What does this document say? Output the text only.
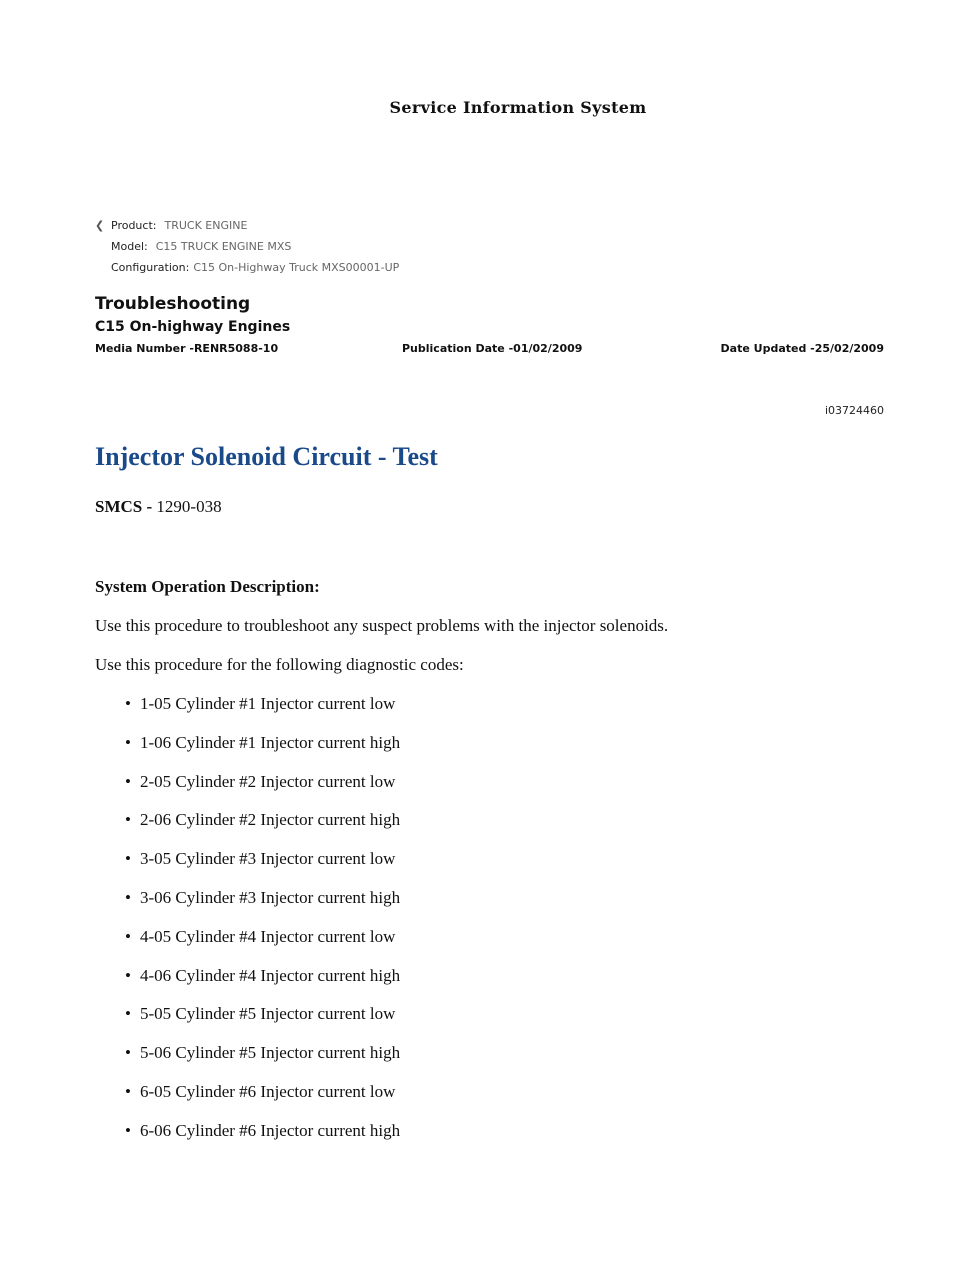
Service Information System
❮ Product: TRUCK ENGINE
Model: C15 TRUCK ENGINE MXS
Configuration: C15 On-Highway Truck MXS00001-UP
Troubleshooting
C15 On-highway Engines
Media Number -RENR5088-10	Publication Date -01/02/2009	Date Updated -25/02/2009
i03724460
Injector Solenoid Circuit - Test
SMCS - 1290-038
System Operation Description:
Use this procedure to troubleshoot any suspect problems with the injector solenoids.
Use this procedure for the following diagnostic codes:
• 1-05 Cylinder #1 Injector current low
• 1-06 Cylinder #1 Injector current high
• 2-05 Cylinder #2 Injector current low
• 2-06 Cylinder #2 Injector current high
• 3-05 Cylinder #3 Injector current low
• 3-06 Cylinder #3 Injector current high
• 4-05 Cylinder #4 Injector current low
• 4-06 Cylinder #4 Injector current high
• 5-05 Cylinder #5 Injector current low
• 5-06 Cylinder #5 Injector current high
• 6-05 Cylinder #6 Injector current low
• 6-06 Cylinder #6 Injector current high
